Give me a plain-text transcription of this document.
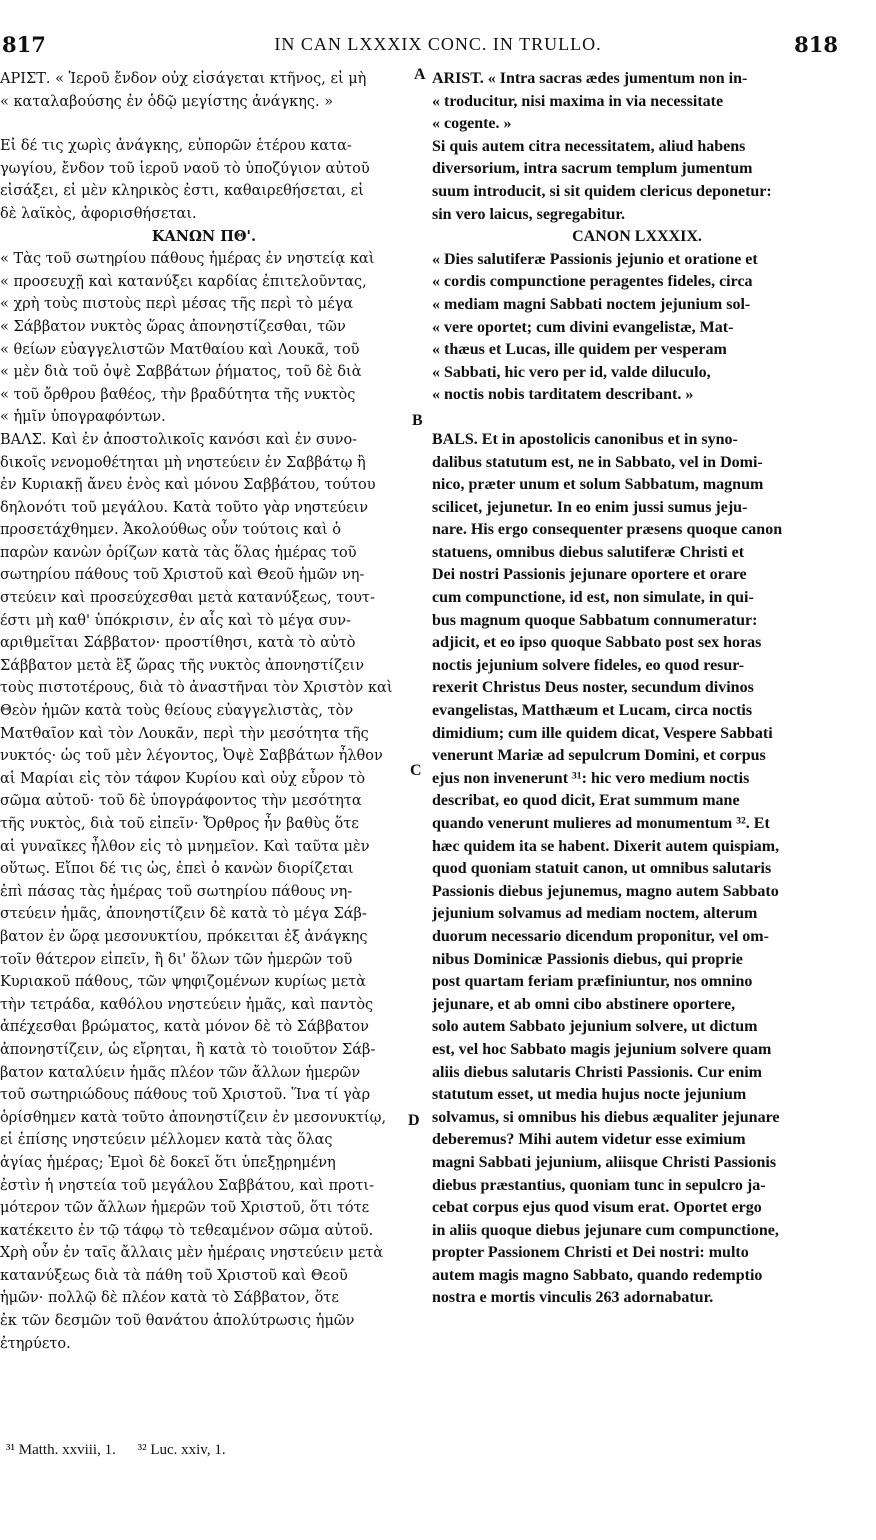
817	IN CAN LXXXIX CONC. IN TRULLO.	818
ΑΡΙΣΤ. « Ἱεροῦ ἔνδον οὐχ εἰσάγεται κτῆνος, εἰ μὴ
« καταλαβούσης ἐν ὁδῷ μεγίστης ἀνάγκης. »
Εἰ δέ τις χωρὶς ἀνάγκης, εὐπορῶν ἑτέρου κατα-
γωγίου, ἔνδον τοῦ ἱεροῦ ναοῦ τὸ ὑποζύγιον αὐτοῦ
εἰσάξει, εἰ μὲν κληρικὸς ἐστι, καθαιρεθήσεται, εἰ
δὲ λαϊκὸς, ἀφορισθήσεται.
ΚΑΝΩΝ ΠΘ'.
« Τὰς τοῦ σωτηρίου πάθους ἡμέρας ἐν νηστείᾳ καὶ
« προσευχῇ καὶ κατανύξει καρδίας ἐπιτελοῦντας,
« χρὴ τοὺς πιστοὺς περὶ μέσας τῆς περὶ τὸ μέγα
« Σάββατον νυκτὸς ὥρας ἀπονηστίζεσθαι, τῶν
« θείων εὐαγγελιστῶν Ματθαίου καὶ Λουκᾶ, τοῦ
« μὲν διὰ τοῦ ὀψὲ Σαββάτων ῥήματος, τοῦ δὲ διὰ
« τοῦ ὄρθρου βαθέος, τὴν βραδύτητα τῆς νυκτὸς
« ἡμῖν ὑπογραφόντων.
ΒΑΛΣ. Καὶ ἐν ἀποστολικοῖς κανόσι καὶ ἐν συνο-
δικοῖς νενομοθέτηται μὴ νηστεύειν ἐν Σαββάτῳ ἢ
ἐν Κυριακῇ ἄνευ ἑνὸς καὶ μόνου Σαββάτου, τούτου
δηλονότι τοῦ μεγάλου. Κατὰ τοῦτο γὰρ νηστεύειν
προσετάχθημεν. Ἀκολούθως οὖν τούτοις καὶ ὁ
παρὼν κανὼν ὁρίζων κατὰ τὰς ὅλας ἡμέρας τοῦ
σωτηρίου πάθους τοῦ Χριστοῦ καὶ Θεοῦ ἡμῶν νη-
στεύειν καὶ προσεύχεσθαι μετὰ κατανύξεως, τουτ-
έστι μὴ καθ' ὑπόκρισιν, ἐν αἷς καὶ τὸ μέγα συν-
αριθμεῖται Σάββατον· προστίθησι, κατὰ τὸ αὐτὸ
Σάββατον μετὰ ἓξ ὥρας τῆς νυκτὸς ἀπονηστίζειν
τοὺς πιστοτέρους, διὰ τὸ ἀναστῆναι τὸν Χριστὸν καὶ
Θεὸν ἡμῶν κατὰ τοὺς θείους εὐαγγελιστὰς, τὸν
Ματθαῖον καὶ τὸν Λουκᾶν, περὶ τὴν μεσότητα τῆς
νυκτός· ὡς τοῦ μὲν λέγοντος, Ὀψὲ Σαββάτων ἦλθον
αἱ Μαρίαι εἰς τὸν τάφον Κυρίου καὶ οὐχ εὗρον τὸ
σῶμα αὐτοῦ· τοῦ δὲ ὑπογράφοντος τὴν μεσότητα
τῆς νυκτὸς, διὰ τοῦ εἰπεῖν· Ὄρθρος ἦν βαθὺς ὅτε
αἱ γυναῖκες ἦλθον εἰς τὸ μνημεῖον. Καὶ ταῦτα μὲν
οὕτως. Εἴποι δέ τις ὡς, ἐπεὶ ὁ κανὼν διορίζεται
ἐπὶ πάσας τὰς ἡμέρας τοῦ σωτηρίου πάθους νη-
στεύειν ἡμᾶς, ἀπονηστίζειν δὲ κατὰ τὸ μέγα Σάβ-
βατον ἐν ὥρᾳ μεσονυκτίου, πρόκειται ἐξ ἀνάγκης
τοῖν θάτερον εἰπεῖν, ἢ δι' ὅλων τῶν ἡμερῶν τοῦ
Κυριακοῦ πάθους, τῶν ψηφιζομένων κυρίως μετὰ
τὴν τετράδα, καθόλου νηστεύειν ἡμᾶς, καὶ παντὸς
ἀπέχεσθαι βρώματος, κατὰ μόνον δὲ τὸ Σάββατον
ἀπονηστίζειν, ὡς εἴρηται, ἢ κατὰ τὸ τοιοῦτον Σάβ-
βατον καταλύειν ἡμᾶς πλέον τῶν ἄλλων ἡμερῶν
τοῦ σωτηριώδους πάθους τοῦ Χριστοῦ. Ἵνα τί γὰρ
ὁρίσθημεν κατὰ τοῦτο ἀπονηστίζειν ἐν μεσονυκτίῳ,
εἰ ἐπίσης νηστεύειν μέλλομεν κατὰ τὰς ὅλας
ἁγίας ἡμέρας; Ἐμοὶ δὲ δοκεῖ ὅτι ὑπεξῃρημένη
ἐστὶν ἡ νηστεία τοῦ μεγάλου Σαββάτου, καὶ προτι-
μότερον τῶν ἄλλων ἡμερῶν τοῦ Χριστοῦ, ὅτι τότε
κατέκειτο ἐν τῷ τάφῳ τὸ τεθεαμένον σῶμα αὐτοῦ.
Χρὴ οὖν ἐν ταῖς ἄλλαις μὲν ἡμέραις νηστεύειν μετὰ
κατανύξεως διὰ τὰ πάθη τοῦ Χριστοῦ καὶ Θεοῦ
ἡμῶν· πολλῷ δὲ πλέον κατὰ τὸ Σάββατον, ὅτε
ἐκ τῶν δεσμῶν τοῦ θανάτου ἀπολύτρωσις ἡμῶν
ἐτηρύετο.
ARIST. « Intra sacras ædes jumentum non in-
« troducitur, nisi maxima in via necessitate
« cogente. »
Si quis autem citra necessitatem, aliud habens
diversorium, intra sacrum templum jumentum
suum introducit, si sit quidem clericus deponetur:
sin vero laicus, segregabitur.
CANON LXXXIX.
« Dies salutiferæ Passionis jejunio et oratione et
« cordis compunctione peragentes fideles, circa
« mediam magni Sabbati noctem jejunium sol-
« vere oportet; cum divini evangelistæ, Mat-
« thæus et Lucas, ille quidem per vesperam
« Sabbati, hic vero per id, valde diluculo,
« noctis nobis tarditatem describant. »
BALS. Et in apostolicis canonibus et in syno-
dalibus statutum est, ne in Sabbato, vel in Domi-
nico, præter unum et solum Sabbatum, magnum
scilicet, jejunetur. In eo enim jussi sumus jeju-
nare. His ergo consequenter præsens quoque canon
statuens, omnibus diebus salutiferæ Christi et
Dei nostri Passionis jejunare oportere et orare
cum compunctione, id est, non simulate, in qui-
bus magnum quoque Sabbatum connumeratur:
adjicit, et eo ipso quoque Sabbato post sex horas
noctis jejunium solvere fideles, eo quod resur-
rexerit Christus Deus noster, secundum divinos
evangelistas, Matthæum et Lucam, circa noctis
dimidium; cum ille quidem dicat, Vespere Sabbati
venerunt Mariæ ad sepulcrum Domini, et corpus
ejus non invenerunt ³¹: hic vero medium noctis
describat, eo quod dicit, Erat summum mane
quando venerunt mulieres ad monumentum ³². Et
hæc quidem ita se habent. Dixerit autem quispiam,
quod quoniam statuit canon, ut omnibus salutaris
Passionis diebus jejunemus, magno autem Sabbato
jejunium solvamus ad mediam noctem, alterum
duorum necessario dicendum proponitur, vel om-
nibus Dominicæ Passionis diebus, qui proprie
post quartam feriam præfiniuntur, nos omnino
jejunare, et ab omni cibo abstinere oportere,
solo autem Sabbato jejunium solvere, ut dictum
est, vel hoc Sabbato magis jejunium solvere quam
aliis diebus salutaris Christi Passionis. Cur enim
statutum esset, ut media hujus nocte jejunium
solvamus, si omnibus his diebus æqualiter jejunare
deberemus? Mihi autem videtur esse eximium
magni Sabbati jejunium, aliisque Christi Passionis
diebus præstantius, quoniam tunc in sepulcro ja-
cebat corpus ejus quod visum erat. Oportet ergo
in aliis quoque diebus jejunare cum compunctione,
propter Passionem Christi et Dei nostri: multo
autem magis magno Sabbato, quando redemptio
nostra e mortis vinculis 263 adornabatur.
A
B
C
D
³¹ Matth. xxviii, 1. ³² Luc. xxiv, 1.
